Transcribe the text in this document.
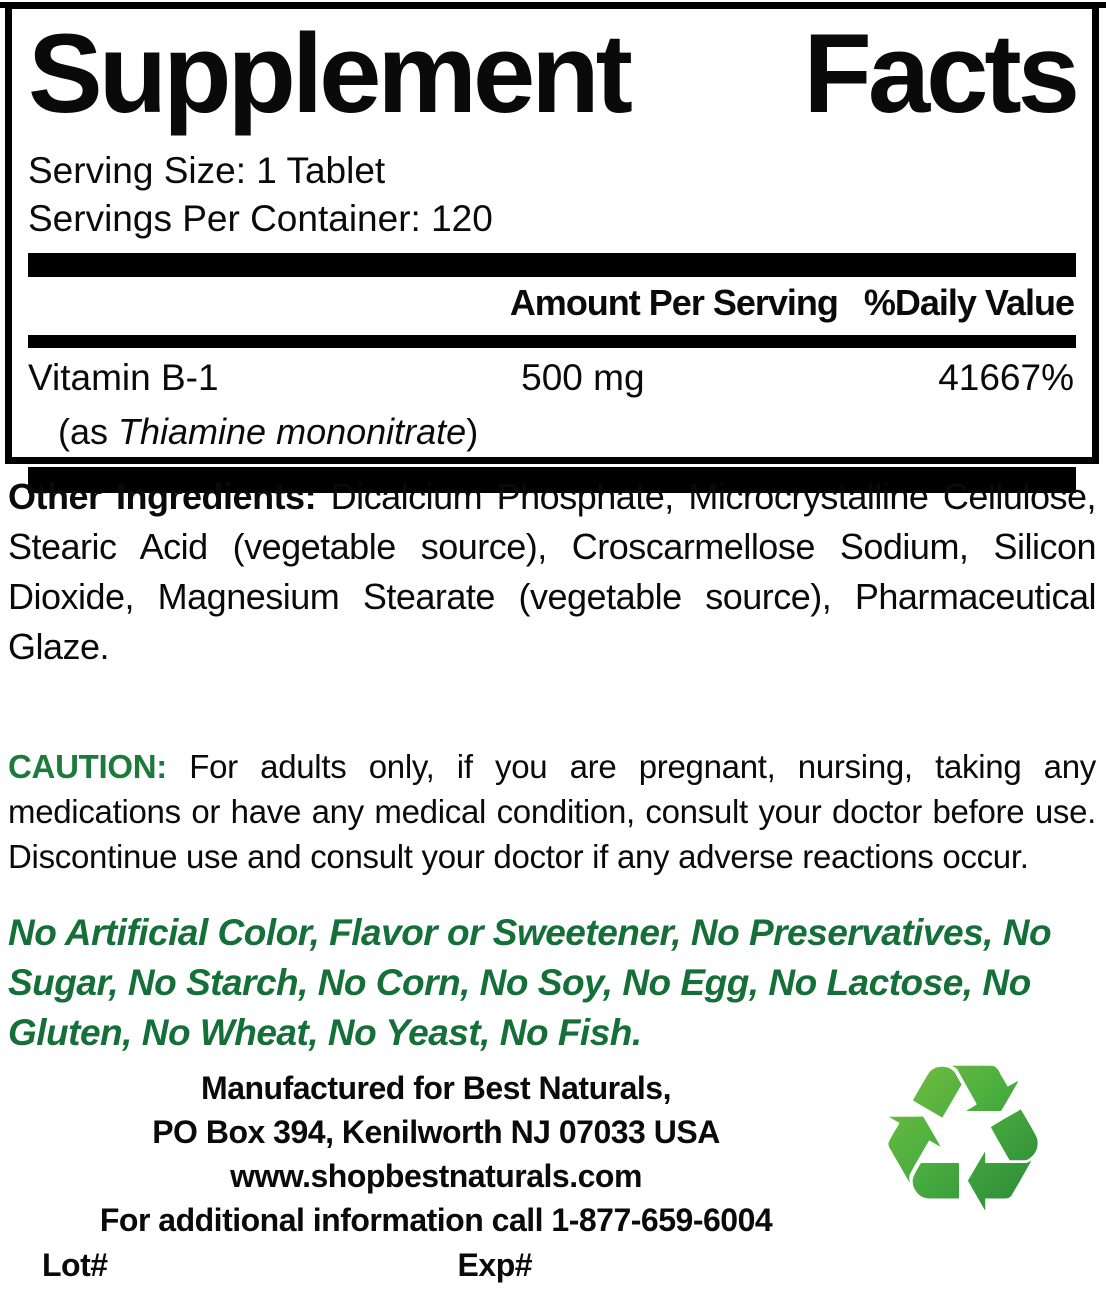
Supplement Facts
Serving Size: 1 Tablet
Servings Per Container: 120
Amount Per Serving %Daily Value
Vitamin B-1	500 mg	41667%
(as Thiamine mononitrate)

Other Ingredients: Dicalcium Phosphate, Microcrystalline Cellulose, Stearic Acid (vegetable source), Croscarmellose Sodium, Silicon Dioxide, Magnesium Stearate (vegetable source), Pharmaceutical Glaze.

CAUTION: For adults only, if you are pregnant, nursing, taking any medications or have any medical condition, consult your doctor before use. Discontinue use and consult your doctor if any adverse reactions occur.

No Artificial Color, Flavor or Sweetener, No Preservatives, No Sugar, No Starch, No Corn, No Soy, No Egg, No Lactose, No Gluten, No Wheat, No Yeast, No Fish.

Manufactured for Best Naturals,
PO Box 394, Kenilworth NJ 07033 USA
www.shopbestnaturals.com
For additional information call 1-877-659-6004
Lot#	Exp#
♻
